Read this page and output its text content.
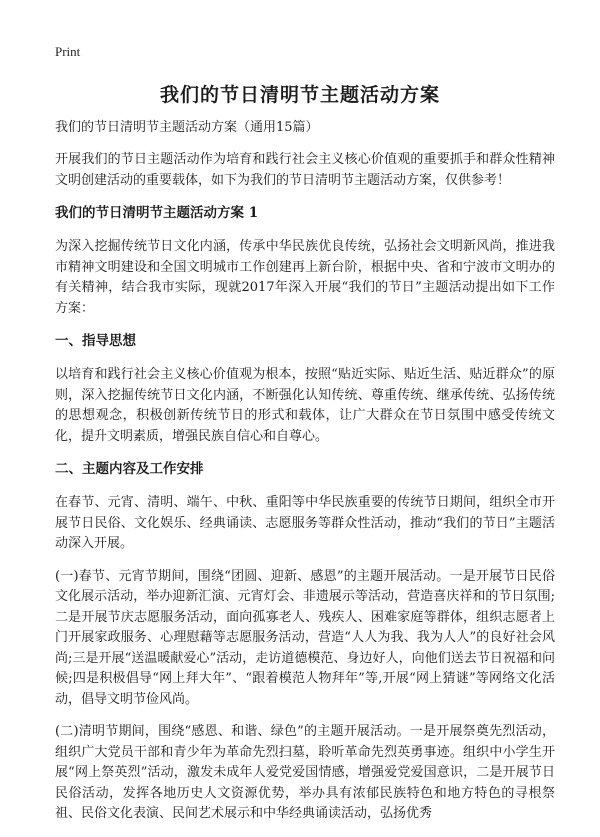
Print
我们的节日清明节主题活动方案
我们的节日清明节主题活动方案（通用15篇）

开展我们的节日主题活动作为培育和践行社会主义核心价值观的重要抓手和群众性精神文明创建活动的重要载体，如下为我们的节日清明节主题活动方案，仅供参考！

我们的节日清明节主题活动方案 1

为深入挖掘传统节日文化内涵，传承中华民族优良传统，弘扬社会文明新风尚，推进我市精神文明建设和全国文明城市工作创建再上新台阶，根据中央、省和宁波市文明办的有关精神，结合我市实际，现就2017年深入开展“我们的节日”主题活动提出如下工作方案：

一、指导思想

以培育和践行社会主义核心价值观为根本，按照“贴近实际、贴近生活、贴近群众”的原则，深入挖掘传统节日文化内涵，不断强化认知传统、尊重传统、继承传统、弘扬传统的思想观念，积极创新传统节日的形式和载体，让广大群众在节日氛围中感受传统文化，提升文明素质，增强民族自信心和自尊心。

二、主题内容及工作安排

在春节、元宵、清明、端午、中秋、重阳等中华民族重要的传统节日期间，组织全市开展节日民俗、文化娱乐、经典诵读、志愿服务等群众性活动，推动“我们的节日”主题活动深入开展。

(一)春节、元宵节期间，围绕“团圆、迎新、感恩”的主题开展活动。一是开展节日民俗文化展示活动，举办迎新汇演、元宵灯会、非遗展示等活动，营造喜庆祥和的节日氛围;二是开展节庆志愿服务活动，面向孤寡老人、残疾人、困难家庭等群体，组织志愿者上门开展家政服务、心理慰藉等志愿服务活动，营造“人人为我、我为人人”的良好社会风尚;三是开展“送温暖献爱心”活动，走访道德模范、身边好人，向他们送去节日祝福和问候;四是积极倡导“网上拜大年”、“跟着模范人物拜年”等,开展“网上猜谜”等网络文化活动，倡导文明节俭风尚。

(二)清明节期间，围绕“感恩、和谐、绿色”的主题开展活动。一是开展祭奠先烈活动，组织广大党员干部和青少年为革命先烈扫墓，聆听革命先烈英勇事迹。组织中小学生开展“网上祭英烈”活动，激发未成年人爱党爱国情感，增强爱党爱国意识，二是开展节日民俗活动，发挥各地历史人文资源优势，举办具有浓郁民族特色和地方特色的寻根祭祖、民俗文化表演、民间艺术展示和中华经典诵读活动，弘扬优秀
